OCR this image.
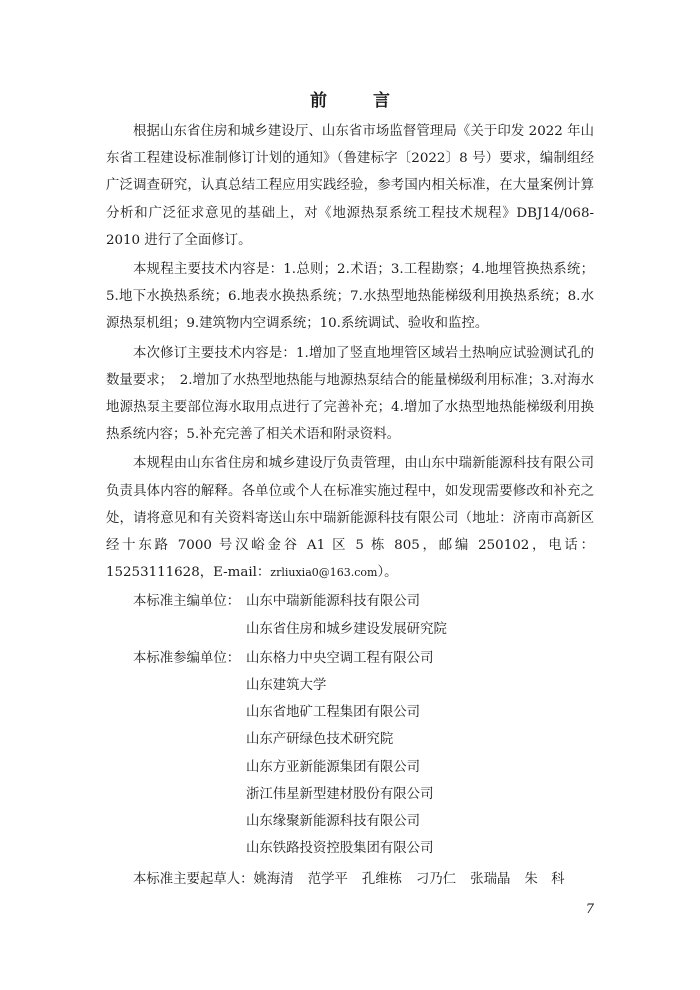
前 言

根据山东省住房和城乡建设厅、山东省市场监督管理局《关于印发 2022 年山东省工程建设标准制修订计划的通知》（鲁建标字〔2022〕8 号）要求，编制组经广泛调查研究，认真总结工程应用实践经验，参考国内相关标准，在大量案例计算分析和广泛征求意见的基础上，对《地源热泵系统工程技术规程》DBJ14/068-2010 进行了全面修订。

本规程主要技术内容是：1.总则；2.术语；3.工程勘察；4.地埋管换热系统；5.地下水换热系统；6.地表水换热系统；7.水热型地热能梯级利用换热系统；8.水源热泵机组；9.建筑物内空调系统；10.系统调试、验收和监控。

本次修订主要技术内容是：1.增加了竖直地埋管区域岩土热响应试验测试孔的数量要求；　2.增加了水热型地热能与地源热泵结合的能量梯级利用标准；3.对海水地源热泵主要部位海水取用点进行了完善补充；4.增加了水热型地热能梯级利用换热系统内容；5.补充完善了相关术语和附录资料。

本规程由山东省住房和城乡建设厅负责管理，由山东中瑞新能源科技有限公司负责具体内容的解释。各单位或个人在标准实施过程中，如发现需要修改和补充之处，请将意见和有关资料寄送山东中瑞新能源科技有限公司（地址：济南市高新区经十东路 7000 号汉峪金谷 A1 区 5 栋 805，邮编 250102，电话：15253111628，E-mail：zrliuxia0@163.com）。

本标准主编单位： 山东中瑞新能源科技有限公司
山东省住房和城乡建设发展研究院
本标准参编单位： 山东格力中央空调工程有限公司
山东建筑大学
山东省地矿工程集团有限公司
山东产研绿色技术研究院
山东方亚新能源集团有限公司
浙江伟星新型建材股份有限公司
山东缘聚新能源科技有限公司
山东铁路投资控股集团有限公司
本标准主要起草人：姚海清 范学平 孔维栋 刁乃仁 张瑞晶 朱　科
7
